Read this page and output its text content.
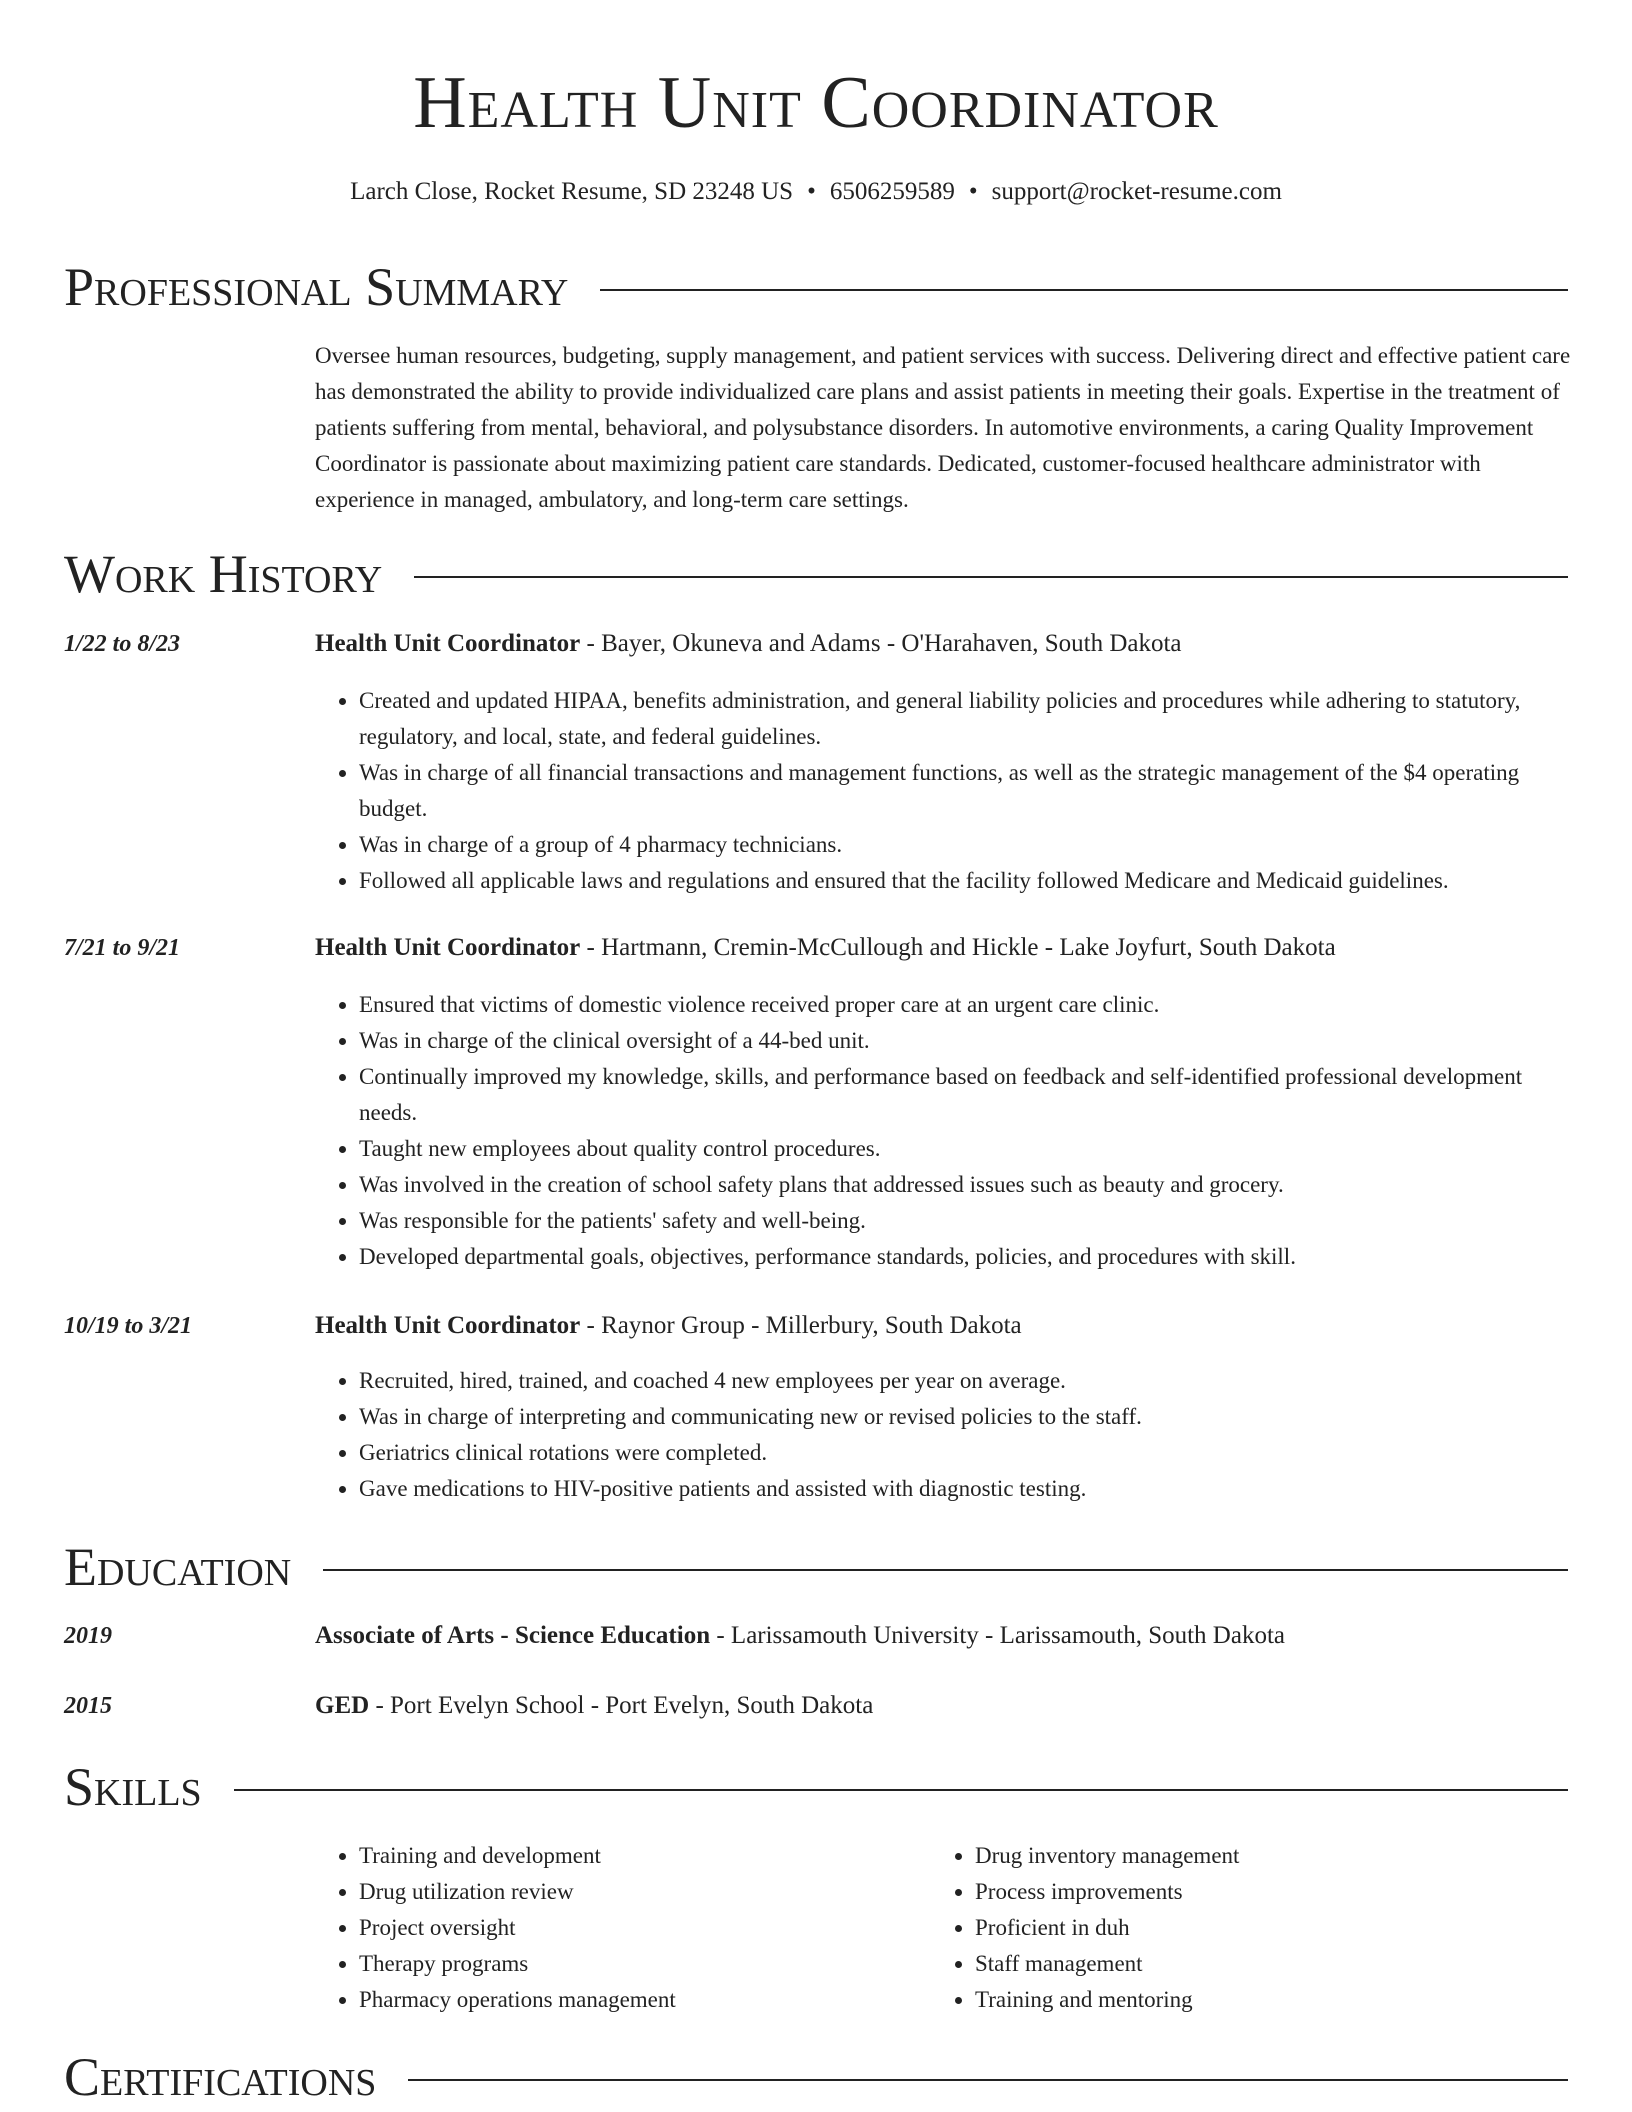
Health Unit Coordinator
Larch Close, Rocket Resume, SD 23248 US • 6506259589 • support@rocket-resume.com
Professional Summary
Oversee human resources, budgeting, supply management, and patient services with success. Delivering direct and effective patient care has demonstrated the ability to provide individualized care plans and assist patients in meeting their goals. Expertise in the treatment of patients suffering from mental, behavioral, and polysubstance disorders. In automotive environments, a caring Quality Improvement Coordinator is passionate about maximizing patient care standards. Dedicated, customer-focused healthcare administrator with experience in managed, ambulatory, and long-term care settings.
Work History
1/22 to 8/23	Health Unit Coordinator - Bayer, Okuneva and Adams - O'Harahaven, South Dakota
• Created and updated HIPAA, benefits administration, and general liability policies and procedures while adhering to statutory, regulatory, and local, state, and federal guidelines.
• Was in charge of all financial transactions and management functions, as well as the strategic management of the $4 operating budget.
• Was in charge of a group of 4 pharmacy technicians.
• Followed all applicable laws and regulations and ensured that the facility followed Medicare and Medicaid guidelines.
7/21 to 9/21	Health Unit Coordinator - Hartmann, Cremin-McCullough and Hickle - Lake Joyfurt, South Dakota
• Ensured that victims of domestic violence received proper care at an urgent care clinic.
• Was in charge of the clinical oversight of a 44-bed unit.
• Continually improved my knowledge, skills, and performance based on feedback and self-identified professional development needs.
• Taught new employees about quality control procedures.
• Was involved in the creation of school safety plans that addressed issues such as beauty and grocery.
• Was responsible for the patients' safety and well-being.
• Developed departmental goals, objectives, performance standards, policies, and procedures with skill.
10/19 to 3/21	Health Unit Coordinator - Raynor Group - Millerbury, South Dakota
• Recruited, hired, trained, and coached 4 new employees per year on average.
• Was in charge of interpreting and communicating new or revised policies to the staff.
• Geriatrics clinical rotations were completed.
• Gave medications to HIV-positive patients and assisted with diagnostic testing.
Education
2019	Associate of Arts - Science Education - Larissamouth University - Larissamouth, South Dakota
2015	GED - Port Evelyn School - Port Evelyn, South Dakota
Skills
• Training and development
• Drug utilization review
• Project oversight
• Therapy programs
• Pharmacy operations management
• Drug inventory management
• Process improvements
• Proficient in duh
• Staff management
• Training and mentoring
Certifications
